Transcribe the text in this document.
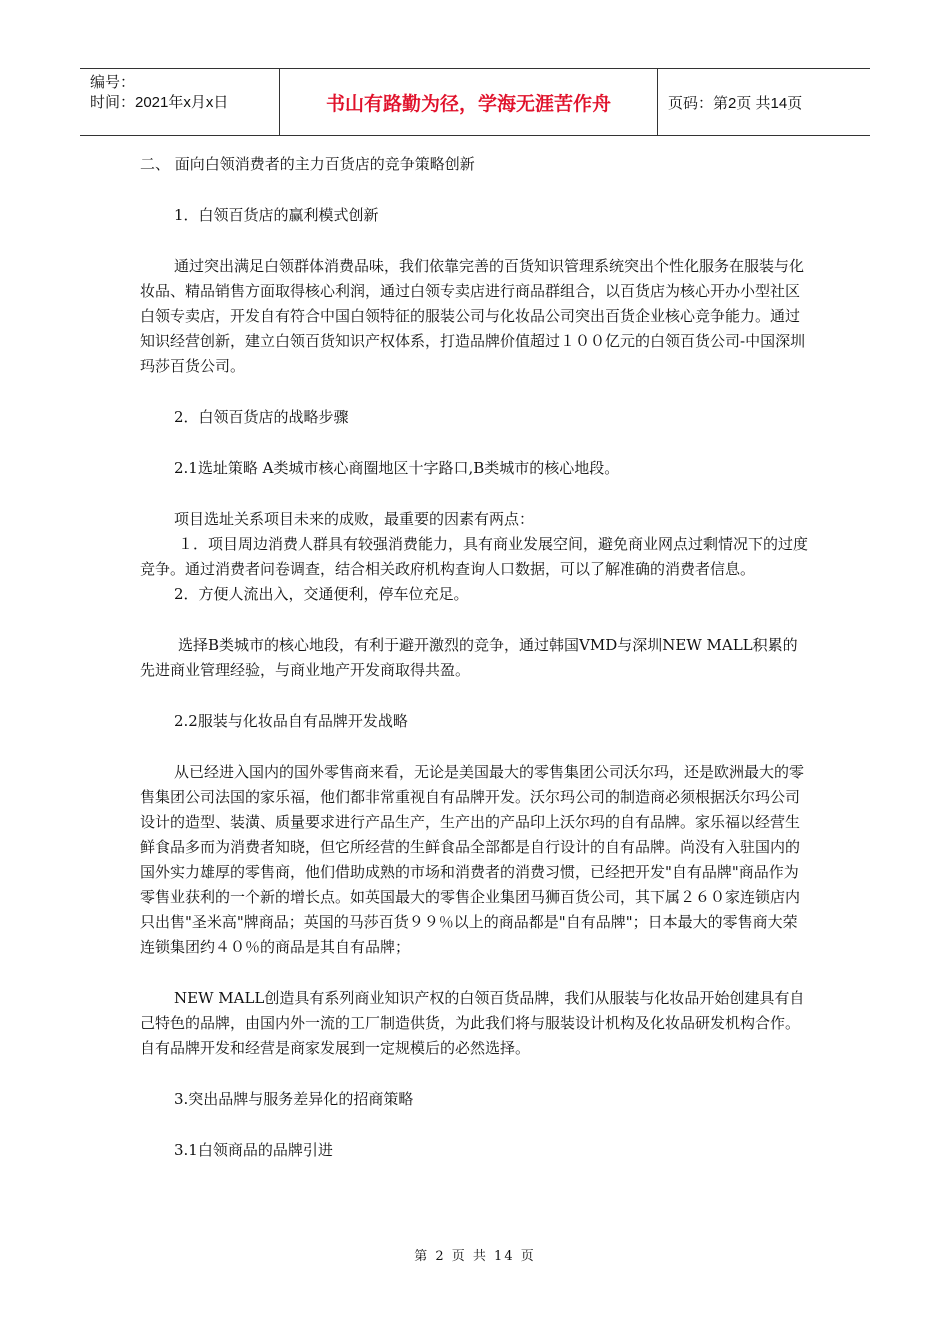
编号：
时间：2021年x月x日	书山有路勤为径，学海无涯苦作舟	页码：第2页 共14页

二、 面向白领消费者的主力百货店的竞争策略创新

1．白领百货店的赢利模式创新

通过突出满足白领群体消费品味，我们依靠完善的百货知识管理系统突出个性化服务在服装与化妆品、精品销售方面取得核心利润，通过白领专卖店进行商品群组合，以百货店为核心开办小型社区白领专卖店，开发自有符合中国白领特征的服装公司与化妆品公司突出百货企业核心竞争能力。通过知识经营创新，建立白领百货知识产权体系，打造品牌价值超过１００亿元的白领百货公司-中国深圳玛莎百货公司。

2．白领百货店的战略步骤

2.1选址策略 A类城市核心商圈地区十字路口,B类城市的核心地段。

项目选址关系项目未来的成败，最重要的因素有两点：

１．项目周边消费人群具有较强消费能力，具有商业发展空间，避免商业网点过剩情况下的过度竞争。通过消费者问卷调查，结合相关政府机构查询人口数据，可以了解准确的消费者信息。

2．方便人流出入，交通便利，停车位充足。

选择B类城市的核心地段，有利于避开激烈的竞争，通过韩国VMD与深圳NEW MALL积累的先进商业管理经验，与商业地产开发商取得共盈。

2.2服装与化妆品自有品牌开发战略

从已经进入国内的国外零售商来看，无论是美国最大的零售集团公司沃尔玛，还是欧洲最大的零售集团公司法国的家乐福，他们都非常重视自有品牌开发。沃尔玛公司的制造商必须根据沃尔玛公司设计的造型、装潢、质量要求进行产品生产，生产出的产品印上沃尔玛的自有品牌。家乐福以经营生鲜食品多而为消费者知晓，但它所经营的生鲜食品全部都是自行设计的自有品牌。尚没有入驻国内的国外实力雄厚的零售商，他们借助成熟的市场和消费者的消费习惯，已经把开发"自有品牌"商品作为零售业获利的一个新的增长点。如英国最大的零售企业集团马狮百货公司，其下属２６０家连锁店内只出售"圣米高"牌商品；英国的马莎百货９９％以上的商品都是"自有品牌"；日本最大的零售商大荣连锁集团约４０％的商品是其自有品牌；

NEW MALL创造具有系列商业知识产权的白领百货品牌，我们从服装与化妆品开始创建具有自己特色的品牌，由国内外一流的工厂制造供货，为此我们将与服装设计机构及化妆品研发机构合作。自有品牌开发和经营是商家发展到一定规模后的必然选择。

3.突出品牌与服务差异化的招商策略

3.1白领商品的品牌引进

第 2 页 共 14 页
